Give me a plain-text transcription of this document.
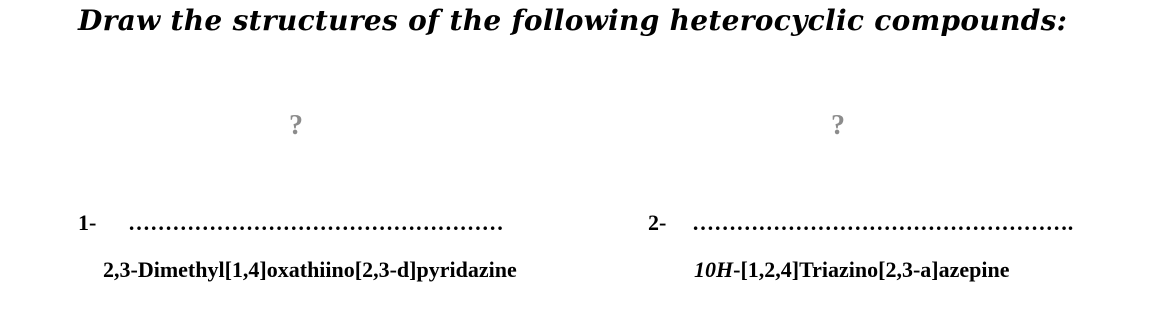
Draw the structures of the following heterocyclic compounds:
?	?
1- ……………………………………………	2- …………………………………………….
2,3-Dimethyl[1,4]oxathiino[2,3-d]pyridazine	10H-[1,2,4]Triazino[2,3-a]azepine
